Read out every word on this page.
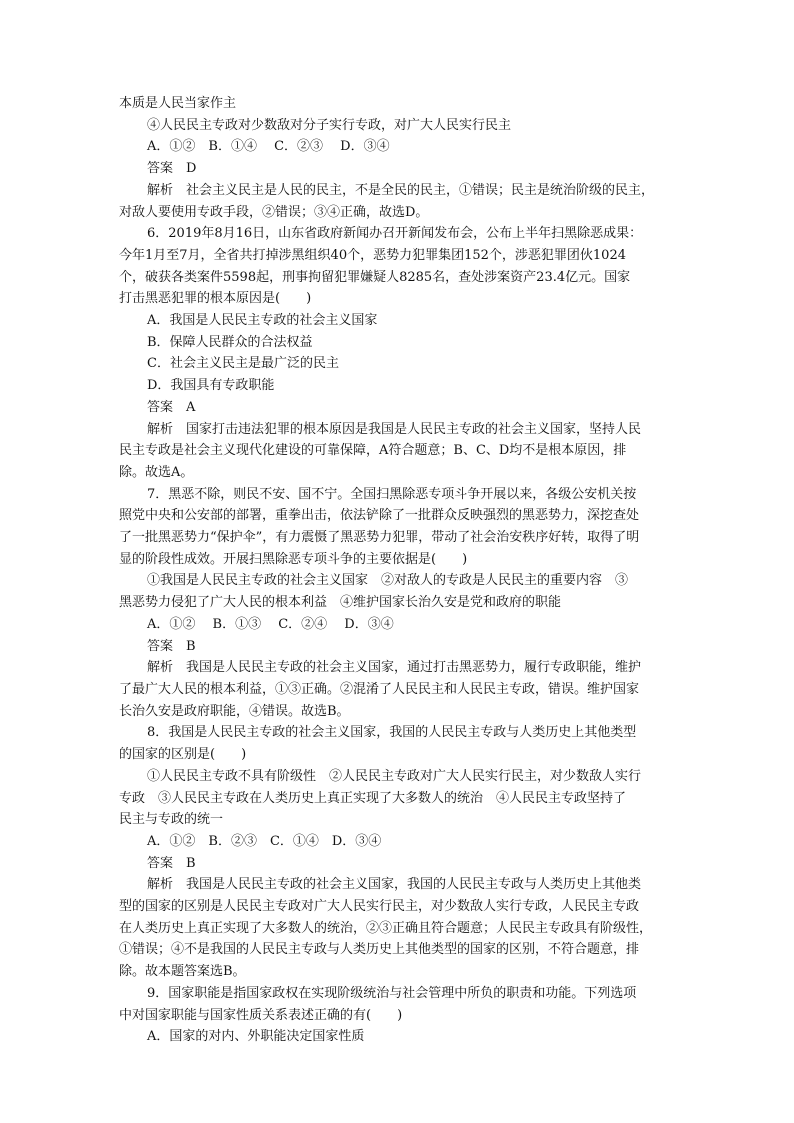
本质是人民当家作主
④人民民主专政对少数敌对分子实行专政，对广大人民实行民主
A．①②　B．①④　 C．②③　 D．③④
答案　D
解析　社会主义民主是人民的民主，不是全民的民主，①错误；民主是统治阶级的民主，
对敌人要使用专政手段，②错误；③④正确，故选D。
6．2019年8月16日，山东省政府新闻办召开新闻发布会，公布上半年扫黑除恶成果：
今年1月至7月，全省共打掉涉黑组织40个，恶势力犯罪集团152个，涉恶犯罪团伙1024
个，破获各类案件5598起，刑事拘留犯罪嫌疑人8285名，查处涉案资产23.4亿元。国家
打击黑恶犯罪的根本原因是(　　)
A．我国是人民民主专政的社会主义国家
B．保障人民群众的合法权益
C．社会主义民主是最广泛的民主
D．我国具有专政职能
答案　A
解析　国家打击违法犯罪的根本原因是我国是人民民主专政的社会主义国家，坚持人民
民主专政是社会主义现代化建设的可靠保障，A符合题意；B、C、D均不是根本原因，排
除。故选A。
7．黑恶不除，则民不安、国不宁。全国扫黑除恶专项斗争开展以来，各级公安机关按
照党中央和公安部的部署，重拳出击，依法铲除了一批群众反映强烈的黑恶势力，深挖查处
了一批黑恶势力“保护伞”，有力震慑了黑恶势力犯罪，带动了社会治安秩序好转，取得了明
显的阶段性成效。开展扫黑除恶专项斗争的主要依据是(　　)
①我国是人民民主专政的社会主义国家　②对敌人的专政是人民民主的重要内容　③
黑恶势力侵犯了广大人民的根本利益　④维护国家长治久安是党和政府的职能
A．①②　 B．①③　 C．②④　 D．③④
答案　B
解析　我国是人民民主专政的社会主义国家，通过打击黑恶势力，履行专政职能，维护
了最广大人民的根本利益，①③正确。②混淆了人民民主和人民民主专政，错误。维护国家
长治久安是政府职能，④错误。故选B。
8．我国是人民民主专政的社会主义国家，我国的人民民主专政与人类历史上其他类型
的国家的区别是(　　)
①人民民主专政不具有阶级性　②人民民主专政对广大人民实行民主，对少数敌人实行
专政　③人民民主专政在人类历史上真正实现了大多数人的统治　④人民民主专政坚持了
民主与专政的统一
A．①②　B．②③　C．①④　D．③④
答案　B
解析　我国是人民民主专政的社会主义国家，我国的人民民主专政与人类历史上其他类
型的国家的区别是人民民主专政对广大人民实行民主，对少数敌人实行专政，人民民主专政
在人类历史上真正实现了大多数人的统治，②③正确且符合题意；人民民主专政具有阶级性，
①错误；④不是我国的人民民主专政与人类历史上其他类型的国家的区别，不符合题意，排
除。故本题答案选B。
9．国家职能是指国家政权在实现阶级统治与社会管理中所负的职责和功能。下列选项
中对国家职能与国家性质关系表述正确的有(　　)
A．国家的对内、外职能决定国家性质
